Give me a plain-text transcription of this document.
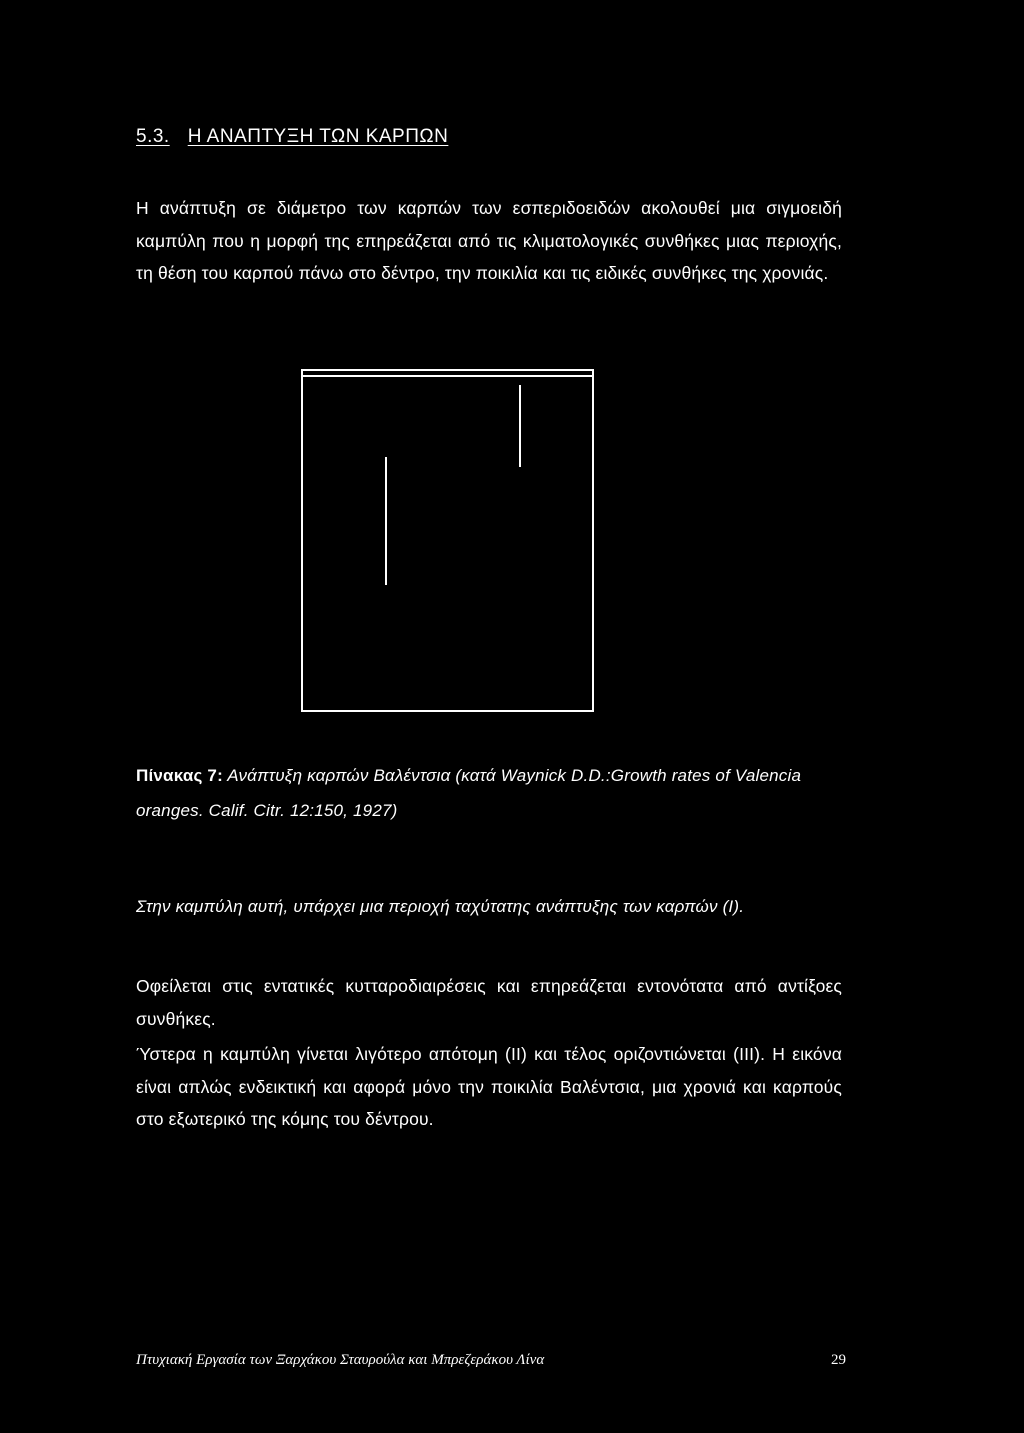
5.3. Η ΑΝΑΠΤΥΞΗ ΤΩΝ ΚΑΡΠΩΝ

Η ανάπτυξη σε διάμετρο των καρπών των εσπεριδοειδών ακολουθεί μια σιγμοειδή καμπύλη που η μορφή της επηρεάζεται από τις κλιματολογικές συνθήκες μιας περιοχής, τη θέση του καρπού πάνω στο δέντρο, την ποικιλία και τις ειδικές συνθήκες της χρονιάς.

Πίνακας 7: Ανάπτυξη καρπών Βαλέντσια (κατά Waynick D.D.:Growth rates of Valencia oranges. Calif. Citr. 12:150, 1927)

Στην καμπύλη αυτή, υπάρχει μια περιοχή ταχύτατης ανάπτυξης των καρπών (Ι).

Οφείλεται στις εντατικές κυτταροδιαιρέσεις και επηρεάζεται εντονότατα από αντίξοες συνθήκες.

Ύστερα η καμπύλη γίνεται λιγότερο απότομη (ΙΙ) και τέλος οριζοντιώνεται (ΙΙΙ). Η εικόνα είναι απλώς ενδεικτική και αφορά μόνο την ποικιλία Βαλέντσια, μια χρονιά και καρπούς στο εξωτερικό της κόμης του δέντρου.

Πτυχιακή Εργασία των Ξαρχάκου Σταυρούλα και Μπρεζεράκου Λίνα	29
